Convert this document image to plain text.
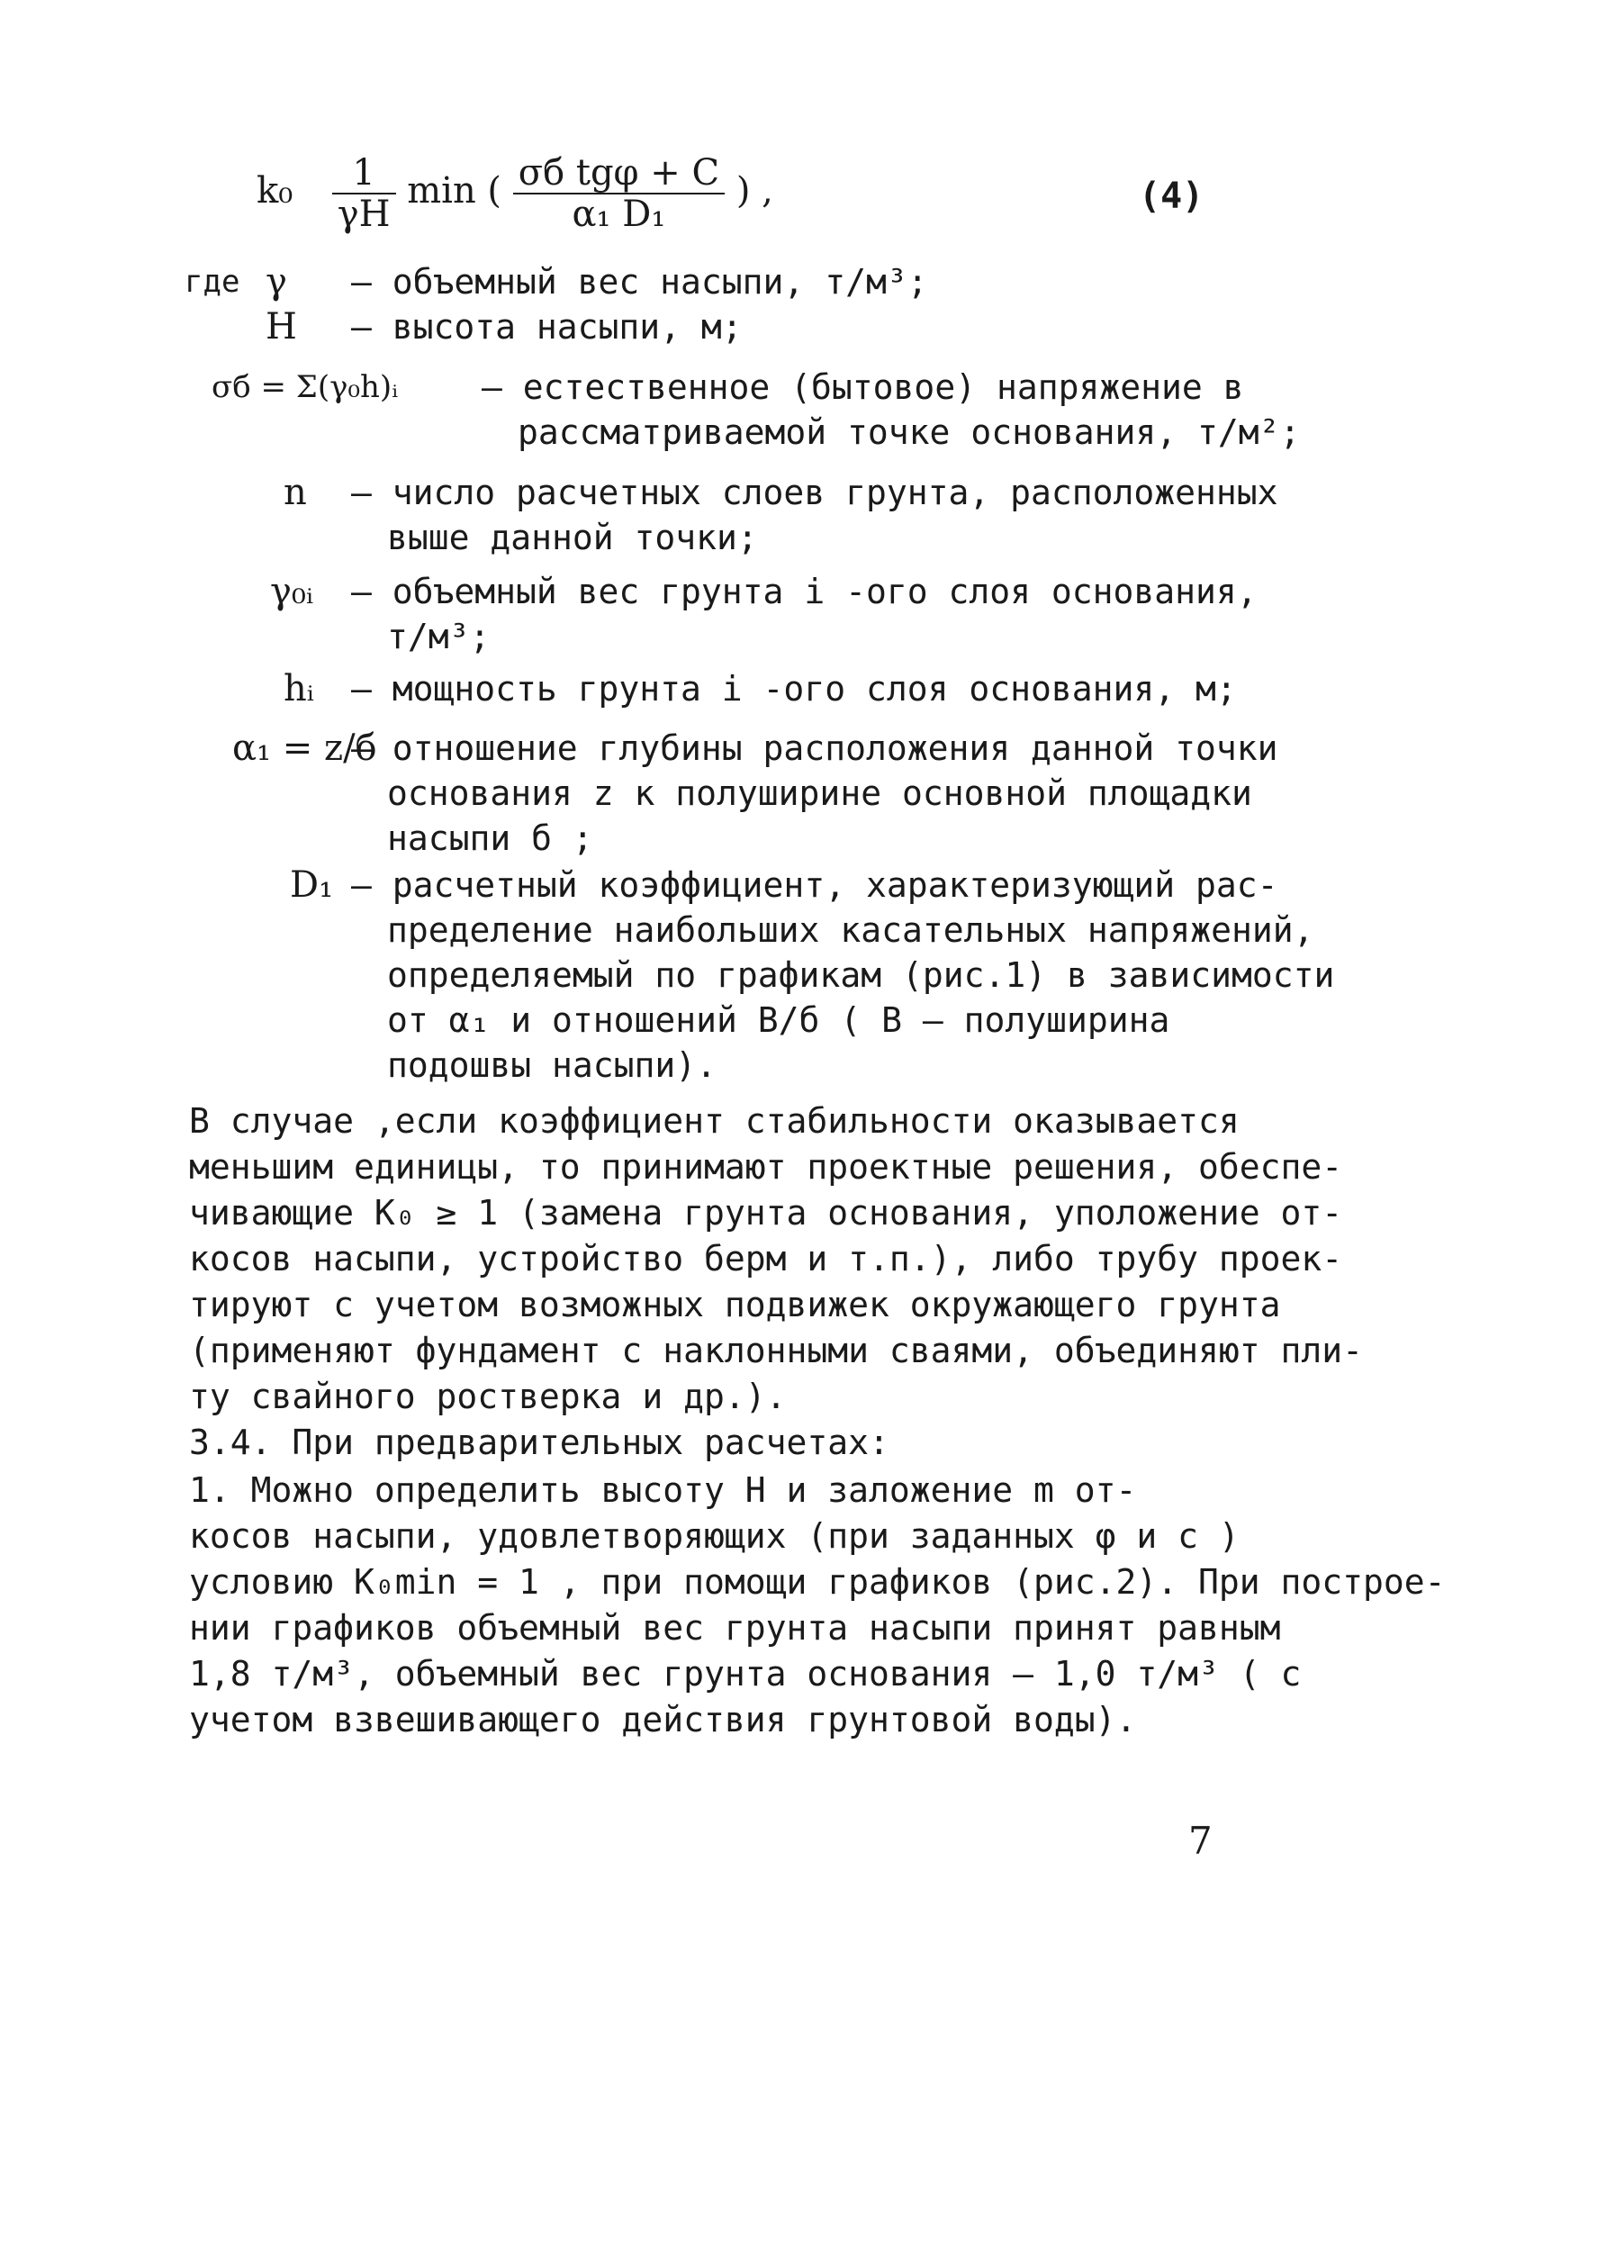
$k_0 \frac{1}{\gamma H}$ min ( $\frac{\text{σб tgφ + C}}{\text{α₁ D₁}}$ ) ,	(4)
где γ – объемный вес насыпи, т/м³;
H – высота насыпи, м;
σб = Σ(γ₀h)ᵢ – естественное (бытовое) напряжение в
рассматриваемой точке основания, т/м²;
n – число расчетных слоев грунта, расположенных
выше данной точки;
γ₀ᵢ – объемный вес грунта i -ого слоя основания,
т/м³;
hᵢ – мощность грунта i -ого слоя основания, м;
α₁ = z/б
– отношение глубины расположения данной точки
основания z к полуширине основной площадки
насыпи б ;
D₁ – расчетный коэффициент, характеризующий рас-
пределение наибольших касательных напряжений,
определяемый по графикам (рис.1) в зависимости
от α₁ и отношений B/б ( B – полуширина
подошвы насыпи).
В случае ,если коэффициент стабильности оказывается
меньшим единицы, то принимают проектные решения, обеспе-
чивающие K₀ ≥ 1 (замена грунта основания, уположение от-
косов насыпи, устройство берм и т.п.), либо трубу проек-
тируют с учетом возможных подвижек окружающего грунта
(применяют фундамент с наклонными сваями, объединяют пли-
ту свайного ростверка и др.).
3.4. При предварительных расчетах:
1. Можно определить высоту H и заложение m от-
косов насыпи, удовлетворяющих (при заданных φ и c )
условию K₀min = 1 , при помощи графиков (рис.2). При построе-
нии графиков объемный вес грунта насыпи принят равным
1,8 т/м³, объемный вес грунта основания – 1,0 т/м³ ( с
учетом взвешивающего действия грунтовой воды).
7
